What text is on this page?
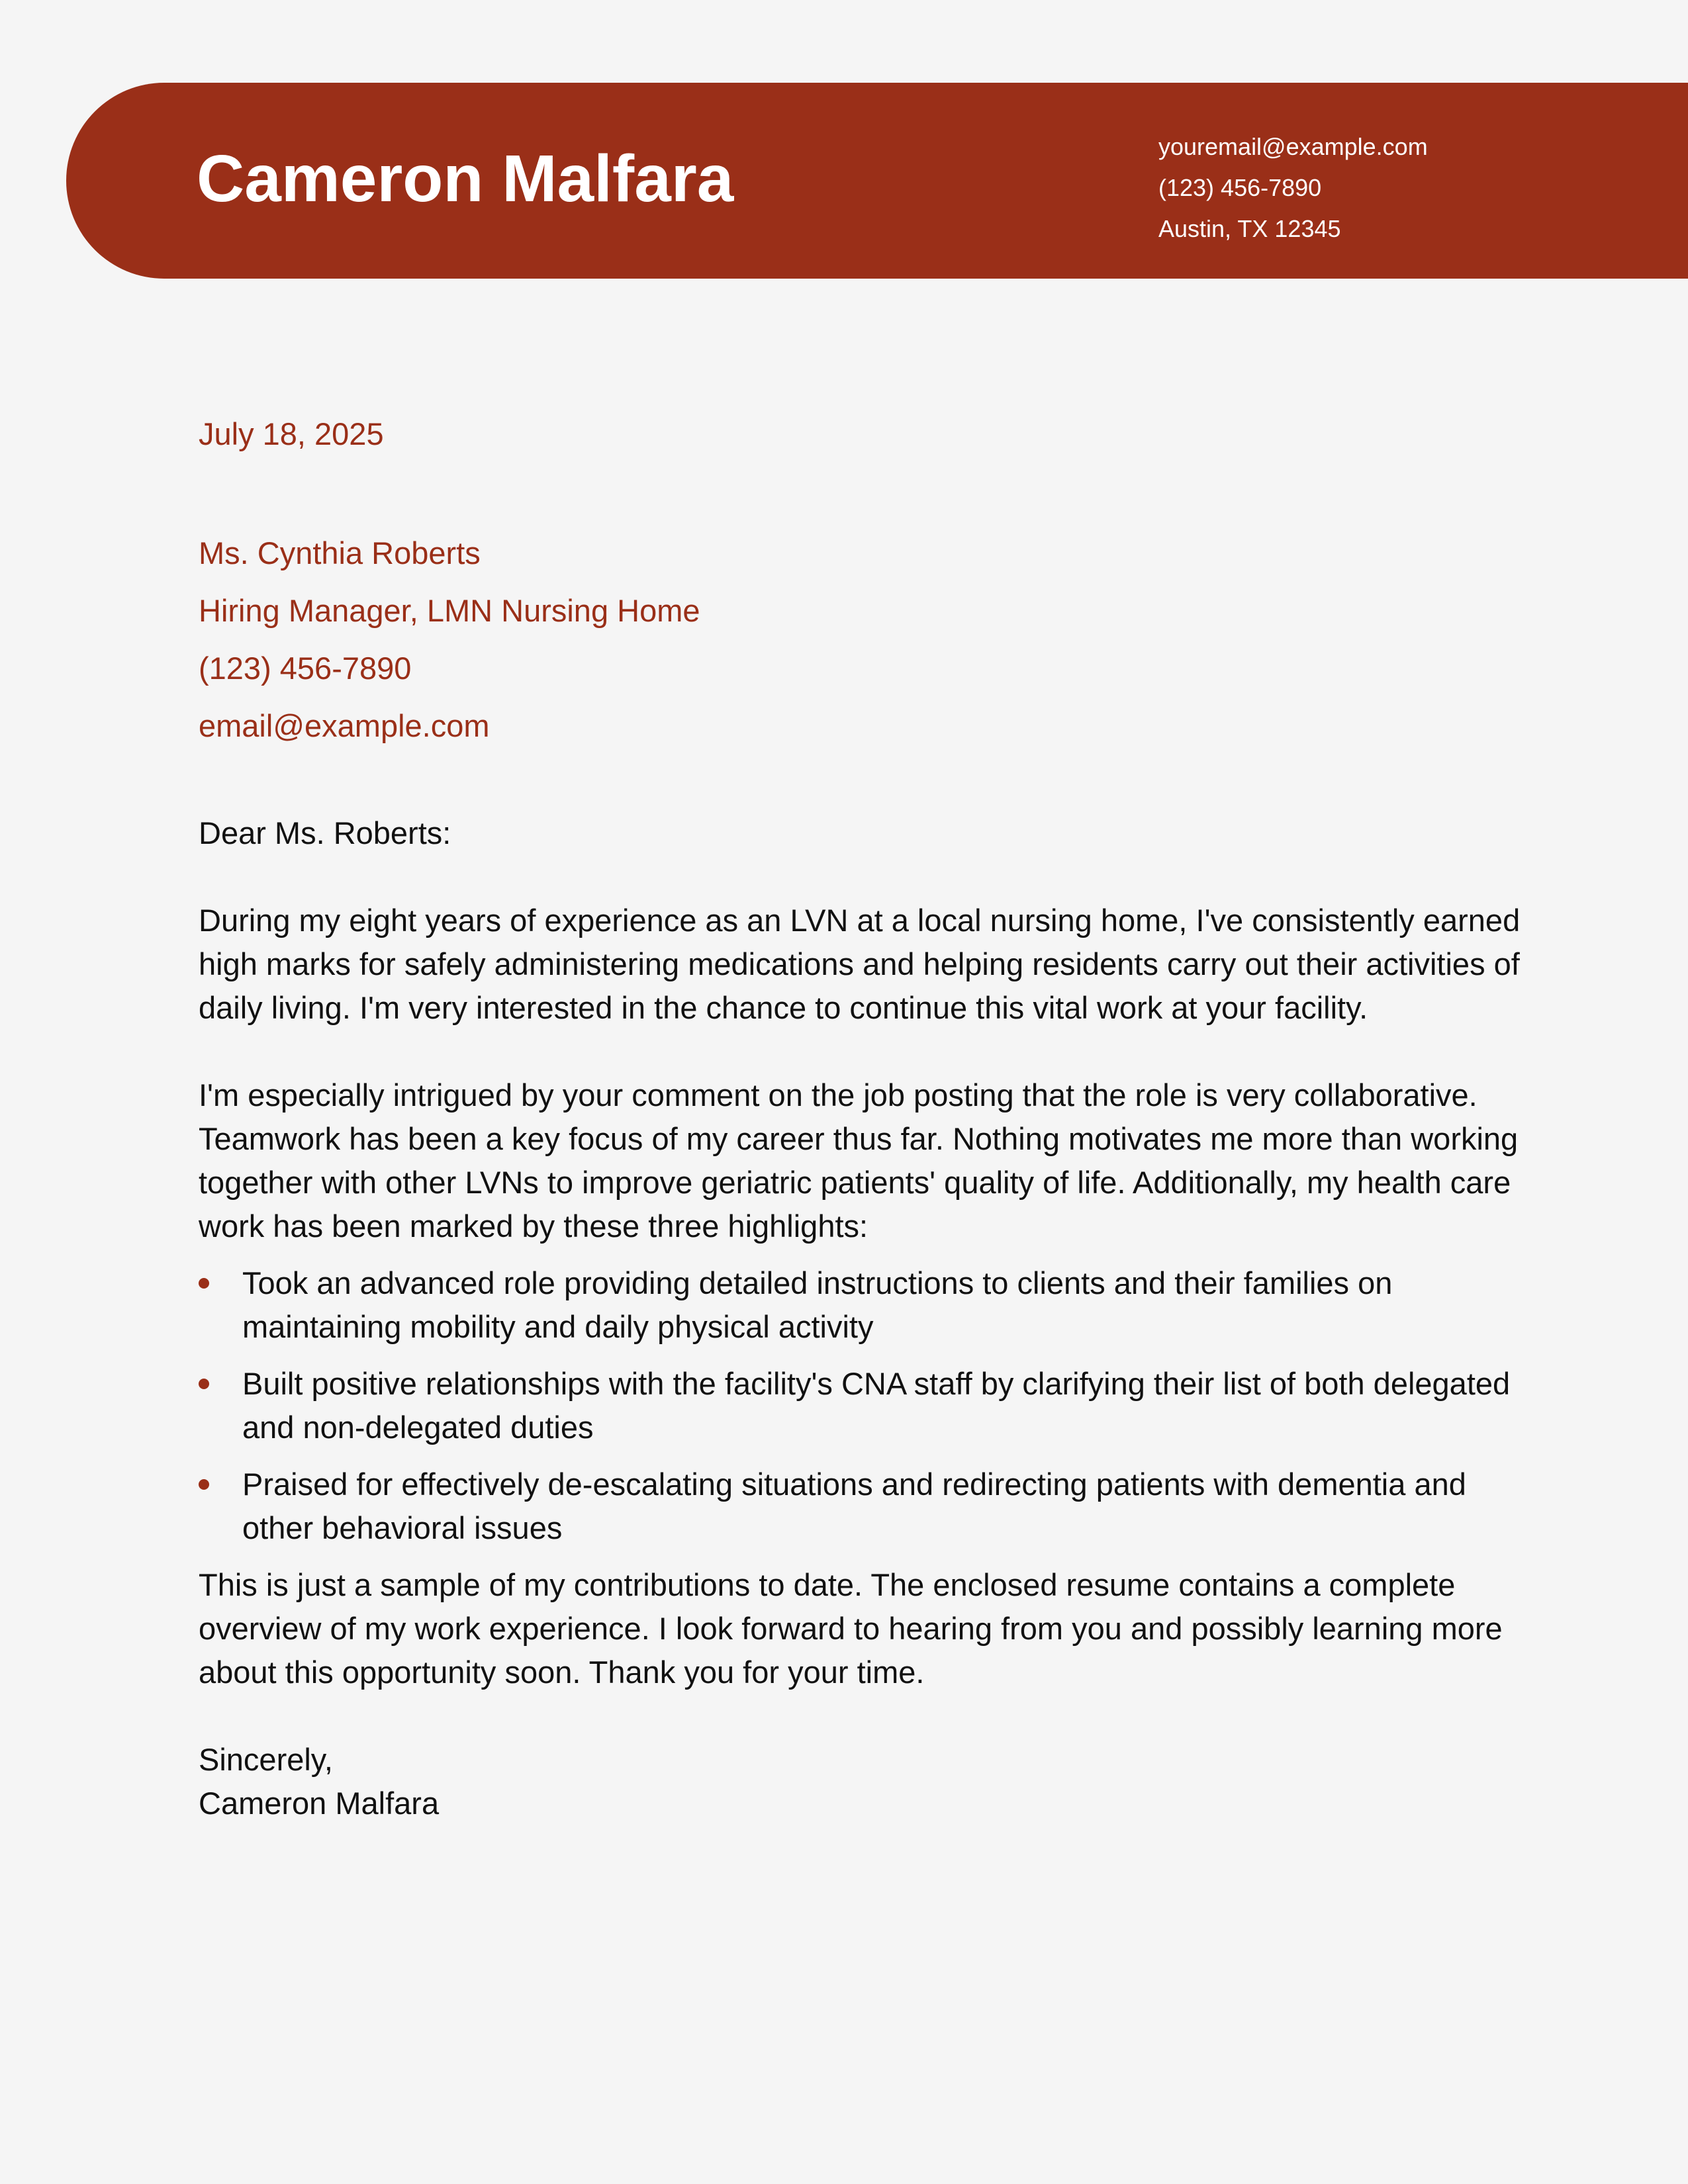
Cameron Malfara	youremail@example.com
(123) 456-7890
Austin, TX 12345
July 18, 2025
Ms. Cynthia Roberts
Hiring Manager, LMN Nursing Home
(123) 456-7890
email@example.com

Dear Ms. Roberts:

During my eight years of experience as an LVN at a local nursing home, I've consistently earned high marks for safely administering medications and helping residents carry out their activities of daily living. I'm very interested in the chance to continue this vital work at your facility.

I'm especially intrigued by your comment on the job posting that the role is very collaborative. Teamwork has been a key focus of my career thus far. Nothing motivates me more than working together with other LVNs to improve geriatric patients' quality of life. Additionally, my health care work has been marked by these three highlights:

Took an advanced role providing detailed instructions to clients and their families on maintaining mobility and daily physical activity
Built positive relationships with the facility's CNA staff by clarifying their list of both delegated and non-delegated duties
Praised for effectively de-escalating situations and redirecting patients with dementia and other behavioral issues

This is just a sample of my contributions to date. The enclosed resume contains a complete overview of my work experience. I look forward to hearing from you and possibly learning more about this opportunity soon. Thank you for your time.

Sincerely,

Cameron Malfara
